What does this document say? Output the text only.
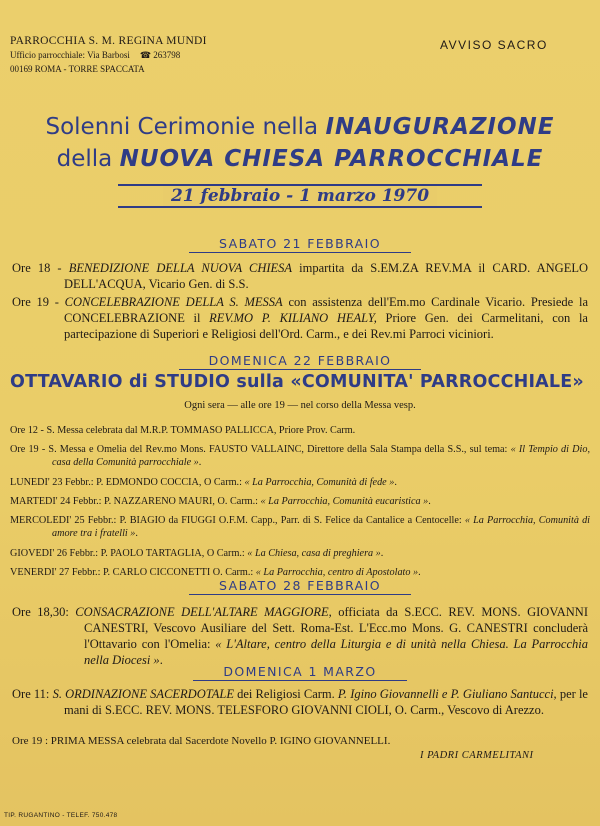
PARROCCHIA S. M. REGINA MUNDI
Ufficio parrocchiale: Via Barbosi ☎ 263798
00169 ROMA - TORRE SPACCATA
AVVISO SACRO
Solenni Cerimonie nella INAUGURAZIONE
della NUOVA CHIESA PARROCCHIALE
21 febbraio - 1 marzo 1970
SABATO 21 FEBBRAIO

Ore 18 - BENEDIZIONE DELLA NUOVA CHIESA impartita da S.EM.ZA REV.MA il CARD. ANGELO DELL'ACQUA, Vicario Gen. di S.S.

Ore 19 - CONCELEBRAZIONE DELLA S. MESSA con assistenza dell'Em.mo Cardinale Vicario. Presiede la CONCELEBRAZIONE il REV.MO P. KILIANO HEALY, Priore Gen. dei Carmelitani, con la partecipazione di Superiori e Religiosi dell'Ord. Carm., e dei Rev.mi Parroci viciniori.

DOMENICA 22 FEBBRAIO
OTTAVARIO di STUDIO sulla «COMUNITA' PARROCCHIALE»
Ogni sera — alle ore 19 — nel corso della Messa vesp.
Ore 12 - S. Messa celebrata dal M.R.P. TOMMASO PALLICCA, Priore Prov. Carm.

Ore 19 - S. Messa e Omelia del Rev.mo Mons. FAUSTO VALLAINC, Direttore della Sala Stampa della S.S., sul tema: « Il Tempio di Dio, casa della Comunità parrocchiale ».

LUNEDI' 23 Febbr.: P. EDMONDO COCCIA, O Carm.: « La Parrocchia, Comunità di fede ».
MARTEDI' 24 Febbr.: P. NAZZARENO MAURI, O. Carm.: « La Parrocchia, Comunità eucaristica ».

MERCOLEDI' 25 Febbr.: P. BIAGIO da FIUGGI O.F.M. Capp., Parr. di S. Felice da Cantalice a Centocelle: « La Parrocchia, Comunità di amore tra i fratelli ».

GIOVEDI' 26 Febbr.: P. PAOLO TARTAGLIA, O Carm.: « La Chiesa, casa di preghiera ».
VENERDI' 27 Febbr.: P. CARLO CICCONETTI O. Carm.: « La Parrocchia, centro di Apostolato ».
SABATO 28 FEBBRAIO

Ore 18,30: CONSACRAZIONE DELL'ALTARE MAGGIORE, officiata da S.ECC. REV. MONS. GIOVANNI CANESTRI, Vescovo Ausiliare del Sett. Roma-Est. L'Ecc.mo Mons. G. CANESTRI concluderà l'Ottavario con l'Omelia: « L'Altare, centro della Liturgia e di unità nella Chiesa. La Parrocchia nella Diocesi ».

DOMENICA 1 MARZO

Ore 11: S. ORDINAZIONE SACERDOTALE dei Religiosi Carm. P. Igino Giovannelli e P. Giuliano Santucci, per le mani di S.ECC. REV. MONS. TELESFORO GIOVANNI CIOLI, O. Carm., Vescovo di Arezzo.

Ore 19 : PRIMA MESSA celebrata dal Sacerdote Novello P. IGINO GIOVANNELLI.
I PADRI CARMELITANI
TIP. RUGANTINO - TELEF. 750.478
